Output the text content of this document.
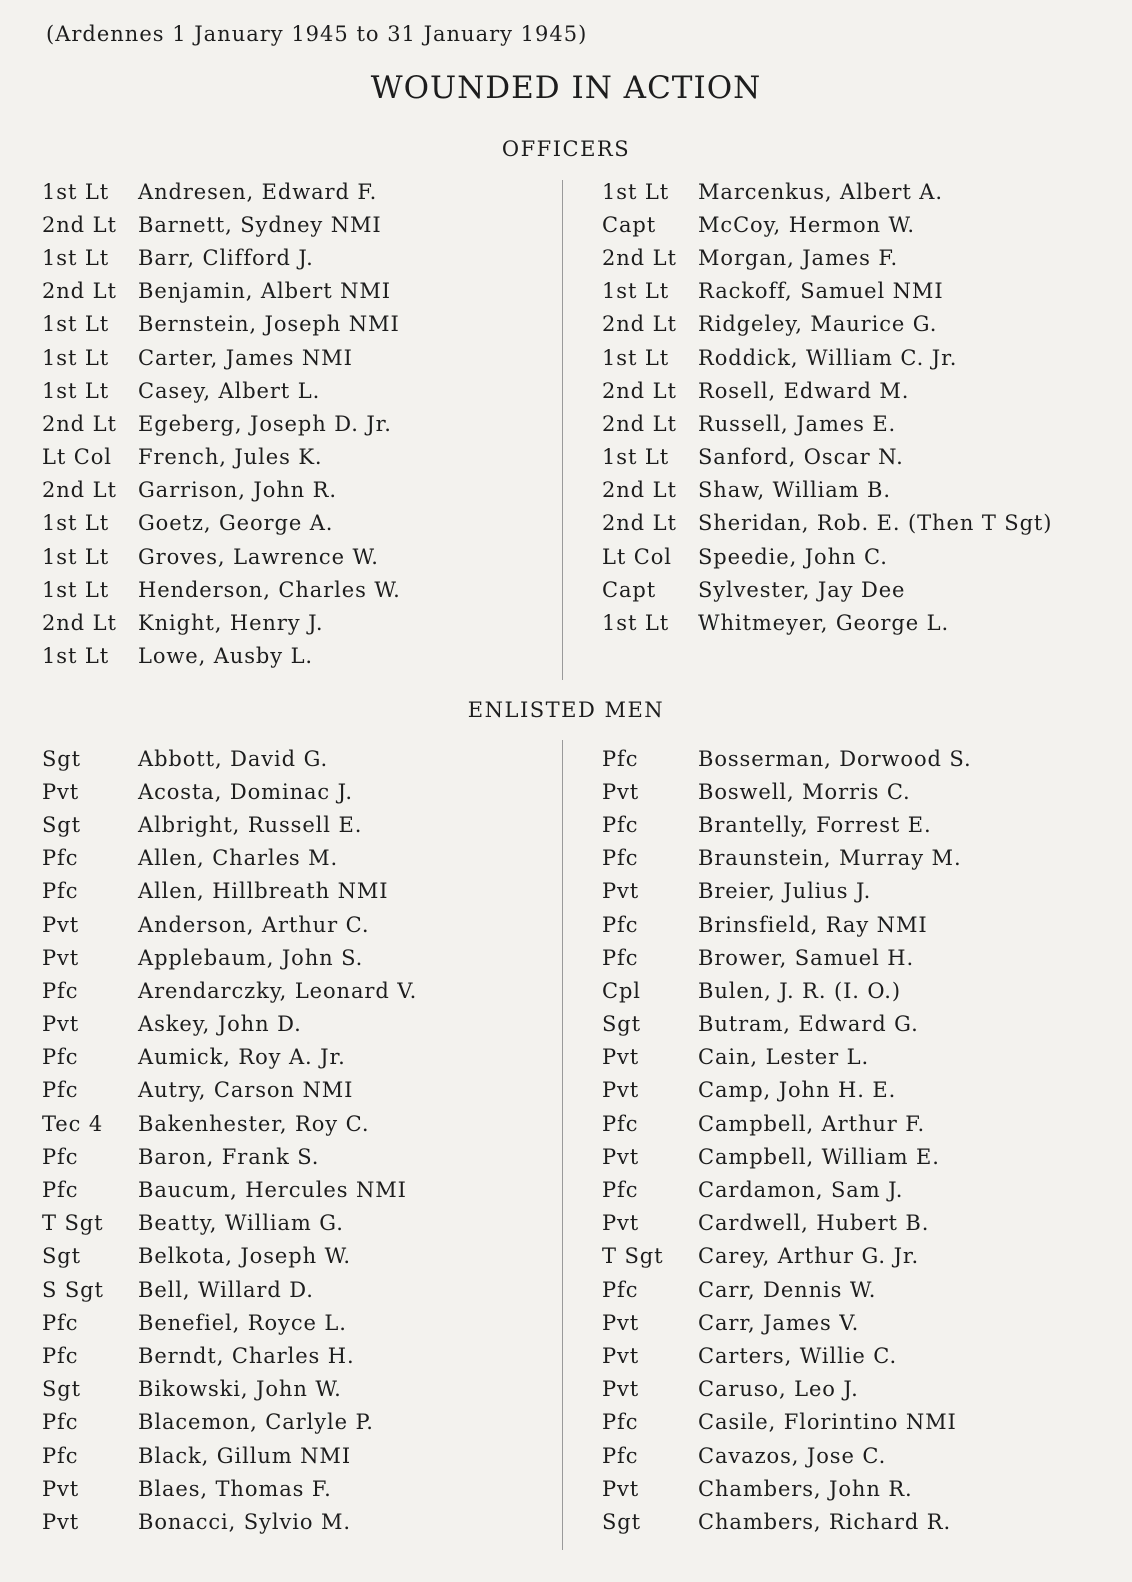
(Ardennes 1 January 1945 to 31 January 1945)
WOUNDED IN ACTION
OFFICERS
1st Lt	Andresen, Edward F.
2nd Lt	Barnett, Sydney NMI
1st Lt	Barr, Clifford J.
2nd Lt	Benjamin, Albert NMI
1st Lt	Bernstein, Joseph NMI
1st Lt	Carter, James NMI
1st Lt	Casey, Albert L.
2nd Lt	Egeberg, Joseph D. Jr.
Lt Col	French, Jules K.
2nd Lt	Garrison, John R.
1st Lt	Goetz, George A.
1st Lt	Groves, Lawrence W.
1st Lt	Henderson, Charles W.
2nd Lt	Knight, Henry J.
1st Lt	Lowe, Ausby L.
1st Lt	Marcenkus, Albert A.
Capt	McCoy, Hermon W.
2nd Lt	Morgan, James F.
1st Lt	Rackoff, Samuel NMI
2nd Lt	Ridgeley, Maurice G.
1st Lt	Roddick, William C. Jr.
2nd Lt	Rosell, Edward M.
2nd Lt	Russell, James E.
1st Lt	Sanford, Oscar N.
2nd Lt	Shaw, William B.
2nd Lt	Sheridan, Rob. E. (Then T Sgt)
Lt Col	Speedie, John C.
Capt	Sylvester, Jay Dee
1st Lt	Whitmeyer, George L.
ENLISTED MEN
Sgt	Abbott, David G.
Pvt	Acosta, Dominac J.
Sgt	Albright, Russell E.
Pfc	Allen, Charles M.
Pfc	Allen, Hillbreath NMI
Pvt	Anderson, Arthur C.
Pvt	Applebaum, John S.
Pfc	Arendarczky, Leonard V.
Pvt	Askey, John D.
Pfc	Aumick, Roy A. Jr.
Pfc	Autry, Carson NMI
Tec 4	Bakenhester, Roy C.
Pfc	Baron, Frank S.
Pfc	Baucum, Hercules NMI
T Sgt	Beatty, William G.
Sgt	Belkota, Joseph W.
S Sgt	Bell, Willard D.
Pfc	Benefiel, Royce L.
Pfc	Berndt, Charles H.
Sgt	Bikowski, John W.
Pfc	Blacemon, Carlyle P.
Pfc	Black, Gillum NMI
Pvt	Blaes, Thomas F.
Pvt	Bonacci, Sylvio M.
Pfc	Bosserman, Dorwood S.
Pvt	Boswell, Morris C.
Pfc	Brantelly, Forrest E.
Pfc	Braunstein, Murray M.
Pvt	Breier, Julius J.
Pfc	Brinsfield, Ray NMI
Pfc	Brower, Samuel H.
Cpl	Bulen, J. R. (I. O.)
Sgt	Butram, Edward G.
Pvt	Cain, Lester L.
Pvt	Camp, John H. E.
Pfc	Campbell, Arthur F.
Pvt	Campbell, William E.
Pfc	Cardamon, Sam J.
Pvt	Cardwell, Hubert B.
T Sgt	Carey, Arthur G. Jr.
Pfc	Carr, Dennis W.
Pvt	Carr, James V.
Pvt	Carters, Willie C.
Pvt	Caruso, Leo J.
Pfc	Casile, Florintino NMI
Pfc	Cavazos, Jose C.
Pvt	Chambers, John R.
Sgt	Chambers, Richard R.
